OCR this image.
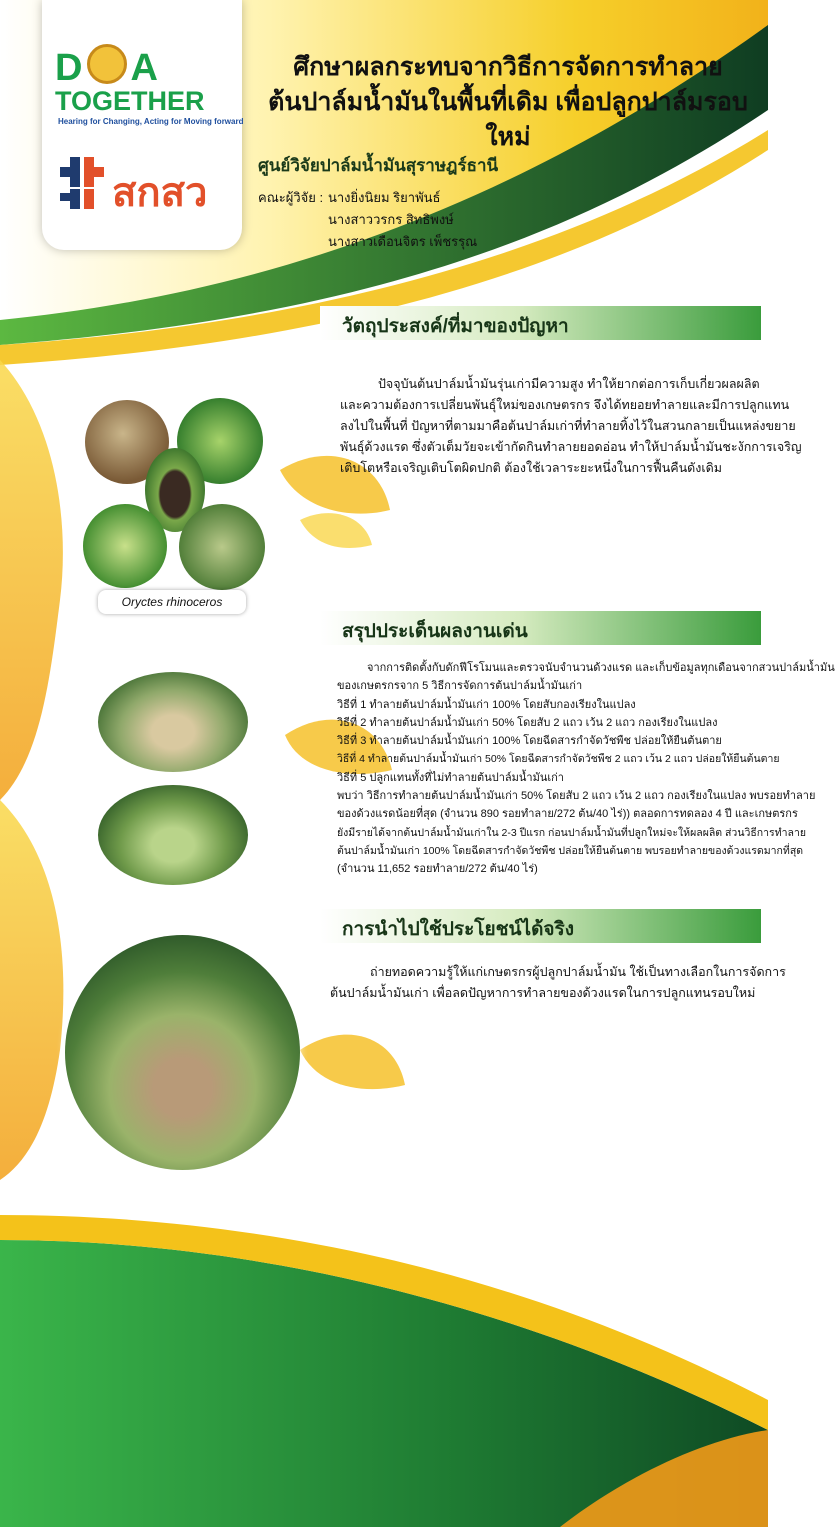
D A
TOGETHER
Hearing for Changing, Acting for Moving forward
สกสว
ศึกษาผลกระทบจากวิธีการจัดการทำลาย
ต้นปาล์มน้ำมันในพื้นที่เดิม เพื่อปลูกปาล์มรอบใหม่
ศูนย์วิจัยปาล์มน้ำมันสุราษฎร์ธานี
คณะผู้วิจัย : นางยิ่งนิยม ริยาพันธ์
นางสาววรกร สิทธิพงษ์
นางสาวเดือนจิตร เพ็ชรรุณ
วัตถุประสงค์/ที่มาของปัญหา
Oryctes rhinoceros
ปัจจุบันต้นปาล์มน้ำมันรุ่นเก่ามีความสูง ทำให้ยากต่อการเก็บเกี่ยวผลผลิต
และความต้องการเปลี่ยนพันธุ์ใหม่ของเกษตรกร จึงได้ทยอยทำลายและมีการปลูกแทน
ลงไปในพื้นที่ ปัญหาที่ตามมาคือต้นปาล์มเก่าที่ทำลายทิ้งไว้ในสวนกลายเป็นแหล่งขยาย
พันธุ์ด้วงแรด ซึ่งตัวเต็มวัยจะเข้ากัดกินทำลายยอดอ่อน ทำให้ปาล์มน้ำมันชะงักการเจริญ
เติบโตหรือเจริญเติบโตผิดปกติ ต้องใช้เวลาระยะหนึ่งในการฟื้นคืนดังเดิม
สรุปประเด็นผลงานเด่น
จากการติดตั้งกับดักฟีโรโมนและตรวจนับจำนวนด้วงแรด และเก็บข้อมูลทุกเดือนจากสวนปาล์มน้ำมัน
ของเกษตรกรจาก 5 วิธีการจัดการต้นปาล์มน้ำมันเก่า
วิธีที่ 1 ทำลายต้นปาล์มน้ำมันเก่า 100% โดยสับกองเรียงในแปลง
วิธีที่ 2 ทำลายต้นปาล์มน้ำมันเก่า 50% โดยสับ 2 แถว เว้น 2 แถว กองเรียงในแปลง
วิธีที่ 3 ทำลายต้นปาล์มน้ำมันเก่า 100% โดยฉีดสารกำจัดวัชพืช ปล่อยให้ยืนต้นตาย
วิธีที่ 4 ทำลายต้นปาล์มน้ำมันเก่า 50% โดยฉีดสารกำจัดวัชพืช 2 แถว เว้น 2 แถว ปล่อยให้ยืนต้นตาย
วิธีที่ 5 ปลูกแทนทั้งที่ไม่ทำลายต้นปาล์มน้ำมันเก่า
พบว่า วิธีการทำลายต้นปาล์มน้ำมันเก่า 50% โดยสับ 2 แถว เว้น 2 แถว กองเรียงในแปลง พบรอยทำลาย
ของด้วงแรดน้อยที่สุด (จำนวน 890 รอยทำลาย/272 ต้น/40 ไร่)) ตลอดการทดลอง 4 ปี และเกษตรกร
ยังมีรายได้จากต้นปาล์มน้ำมันเก่าใน 2-3 ปีแรก ก่อนปาล์มน้ำมันที่ปลูกใหม่จะให้ผลผลิต ส่วนวิธีการทำลาย
ต้นปาล์มน้ำมันเก่า 100% โดยฉีดสารกำจัดวัชพืช ปล่อยให้ยืนต้นตาย พบรอยทำลายของด้วงแรดมากที่สุด
(จำนวน 11,652 รอยทำลาย/272 ต้น/40 ไร่)
การนำไปใช้ประโยชน์ได้จริง
ถ่ายทอดความรู้ให้แก่เกษตรกรผู้ปลูกปาล์มน้ำมัน ใช้เป็นทางเลือกในการจัดการ
ต้นปาล์มน้ำมันเก่า เพื่อลดปัญหาการทำลายของด้วงแรดในการปลูกแทนรอบใหม่
